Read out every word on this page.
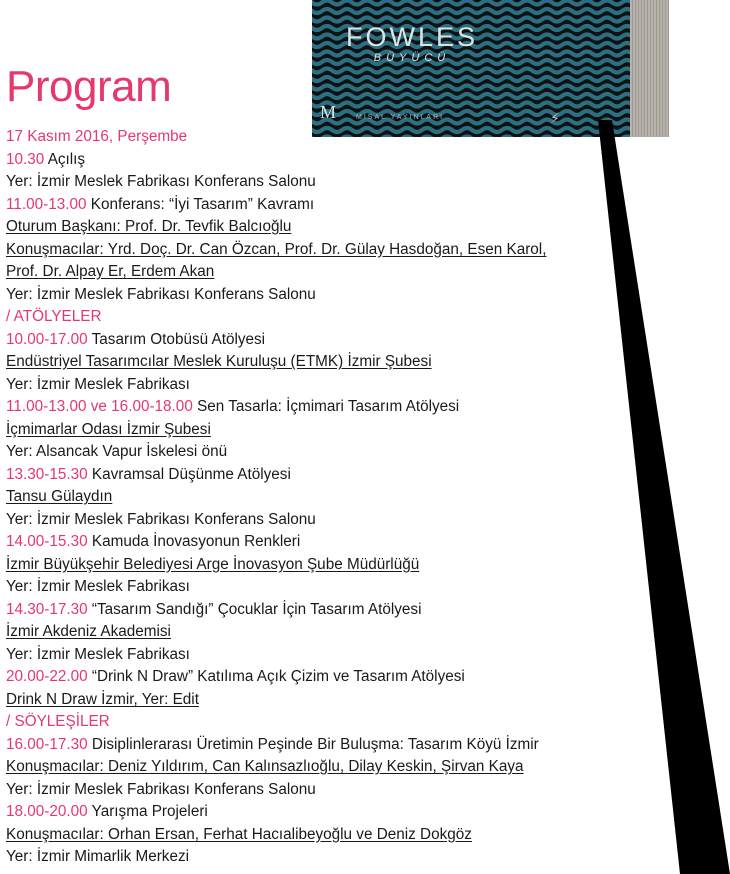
Program
FOWLES
BÜYÜCÜ
M	MİSAL YAYINLARI	⚡︎
17 Kasım 2016, Perşembe
10.30 Açılış
Yer: İzmir Meslek Fabrikası Konferans Salonu
11.00-13.00 Konferans: “İyi Tasarım” Kavramı
Oturum Başkanı: Prof. Dr. Tevfik Balcıoğlu
Konuşmacılar: Yrd. Doç. Dr. Can Özcan, Prof. Dr. Gülay Hasdoğan, Esen Karol,
Prof. Dr. Alpay Er, Erdem Akan
Yer: İzmir Meslek Fabrikası Konferans Salonu
/ ATÖLYELER
10.00-17.00 Tasarım Otobüsü Atölyesi
Endüstriyel Tasarımcılar Meslek Kuruluşu (ETMK) İzmir Şubesi
Yer: İzmir Meslek Fabrikası
11.00-13.00 ve 16.00-18.00 Sen Tasarla: İçmimari Tasarım Atölyesi
İçmimarlar Odası İzmir Şubesi
Yer: Alsancak Vapur İskelesi önü
13.30-15.30 Kavramsal Düşünme Atölyesi
Tansu Gülaydın
Yer: İzmir Meslek Fabrikası Konferans Salonu
14.00-15.30 Kamuda İnovasyonun Renkleri
İzmir Büyükşehir Belediyesi Arge İnovasyon Şube Müdürlüğü
Yer: İzmir Meslek Fabrikası
14.30-17.30 “Tasarım Sandığı” Çocuklar İçin Tasarım Atölyesi
İzmir Akdeniz Akademisi
Yer: İzmir Meslek Fabrikası
20.00-22.00 “Drink N Draw” Katılıma Açık Çizim ve Tasarım Atölyesi
Drink N Draw İzmir, Yer: Edit
/ SÖYLEŞİLER
16.00-17.30 Disiplinlerarası Üretimin Peşinde Bir Buluşma: Tasarım Köyü İzmir
Konuşmacılar: Deniz Yıldırım, Can Kalınsazlıoğlu, Dilay Keskin, Şirvan Kaya
Yer: İzmir Meslek Fabrikası Konferans Salonu
18.00-20.00 Yarışma Projeleri
Konuşmacılar: Orhan Ersan, Ferhat Hacıalibeyoğlu ve Deniz Dokgöz
Yer: İzmir Mimarlik Merkezi
